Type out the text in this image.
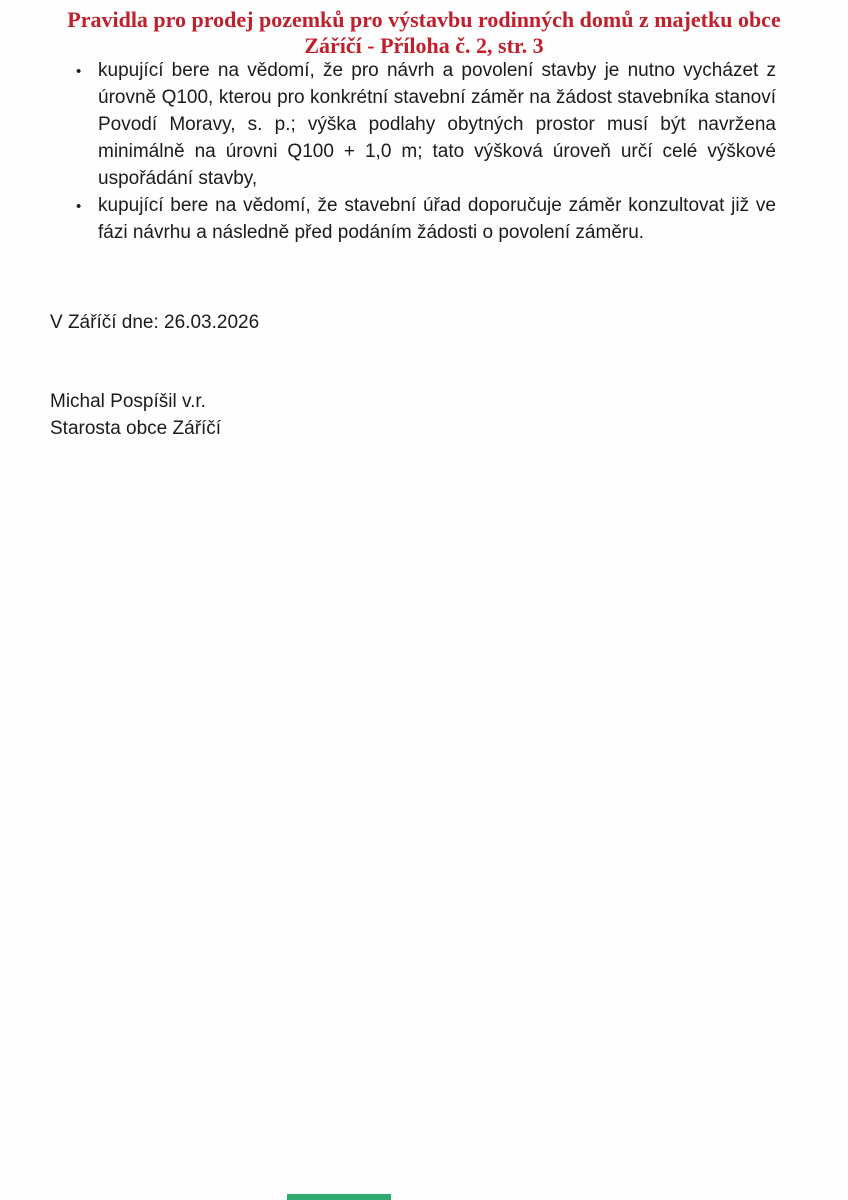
Pravidla pro prodej pozemků pro výstavbu rodinných domů z majetku obce
Záříčí - Příloha č. 2, str. 3
• kupující bere na vědomí, že pro návrh a povolení stavby je nutno vycházet z úrovně Q100, kterou pro konkrétní stavební záměr na žádost stavebníka stanoví Povodí Moravy, s. p.; výška podlahy obytných prostor musí být navržena minimálně na úrovni Q100 + 1,0 m; tato výšková úroveň určí celé výškové uspořádání stavby,
• kupující bere na vědomí, že stavební úřad doporučuje záměr konzultovat již ve fázi návrhu a následně před podáním žádosti o povolení záměru.
V Záříčí dne: 26.03.2026
Michal Pospíšil v.r.
Starosta obce Záříčí
